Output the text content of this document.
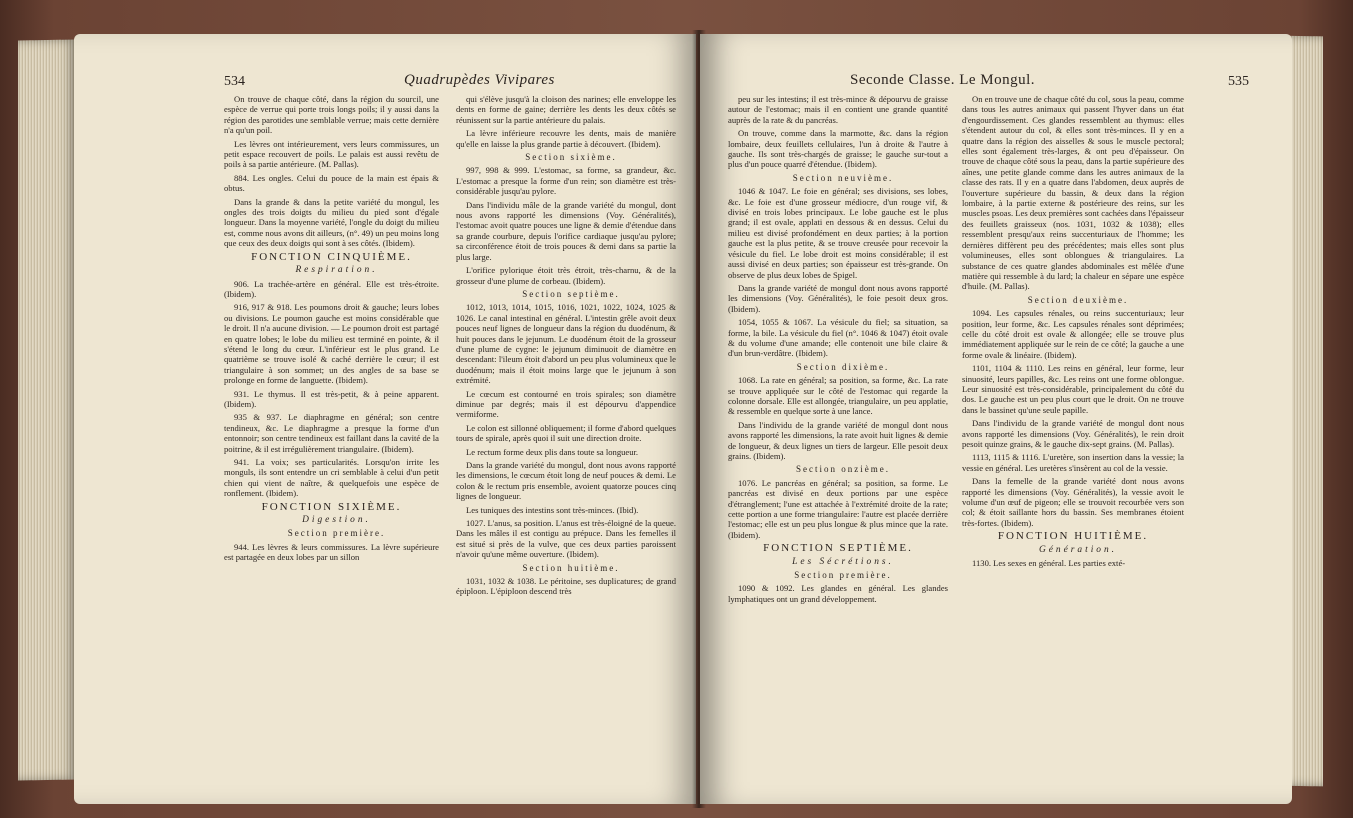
534	Quadrupèdes Vivipares

On trouve de chaque côté, dans la région du sourcil, une espèce de verrue qui porte trois longs poils; il y aussi dans la région des parotides une semblable verrue; mais cette dernière n'a qu'un poil.

Les lèvres ont intérieurement, vers leurs commissures, un petit espace recouvert de poils. Le palais est aussi revêtu de poils à sa partie antérieure. (M. Pallas).

884. Les ongles. Celui du pouce de la main est épais & obtus.

Dans la grande & dans la petite variété du mongul, les ongles des trois doigts du milieu du pied sont d'égale longueur. Dans la moyenne variété, l'ongle du doigt du milieu est, comme nous avons dit ailleurs, (n°. 49) un peu moins long que ceux des deux doigts qui sont à ses côtés. (Ibidem).

FONCTION CINQUIÈME.

Respiration.

906. La trachée-artère en général. Elle est très-étroite. (Ibidem).

916, 917 & 918. Les poumons droit & gauche; leurs lobes ou divisions. Le poumon gauche est moins considérable que le droit. Il n'a aucune division. — Le poumon droit est partagé en quatre lobes; le lobe du milieu est terminé en pointe, & il s'étend le long du cœur. L'inférieur est le plus grand. Le quatrième se trouve isolé & caché derrière le cœur; il est triangulaire à son sommet; un des angles de sa base se prolonge en forme de languette. (Ibidem).

931. Le thymus. Il est très-petit, & à peine apparent. (Ibidem).

935 & 937. Le diaphragme en général; son centre tendineux, &c. Le diaphragme a presque la forme d'un entonnoir; son centre tendineux est faillant dans la cavité de la poitrine, & il est irrégulièrement triangulaire. (Ibidem).

941. La voix; ses particularités. Lorsqu'on irrite les monguls, ils sont entendre un cri semblable à celui d'un petit chien qui vient de naître, & quelquefois une espèce de ronflement. (Ibidem).

FONCTION SIXIÈME.

Digestion.

Section première.

944. Les lèvres & leurs commissures. La lèvre supérieure est partagée en deux lobes par un sillon

qui s'élève jusqu'à la cloison des narines; elle enveloppe les dents en forme de gaine; derrière les dents les deux côtés se réunissent sur la partie antérieure du palais.

La lèvre inférieure recouvre les dents, mais de manière qu'elle en laisse la plus grande partie à découvert. (Ibidem).

Section sixième.

997, 998 & 999. L'estomac, sa forme, sa grandeur, &c. L'estomac a presque la forme d'un rein; son diamètre est très-considérable jusqu'au pylore.

Dans l'individu mâle de la grande variété du mongul, dont nous avons rapporté les dimensions (Voy. Généralités), l'estomac avoit quatre pouces une ligne & demie d'étendue dans sa grande courbure, depuis l'orifice cardiaque jusqu'au pylore; sa circonférence étoit de trois pouces & demi dans sa partie la plus large.

L'orifice pylorique étoit très étroit, très-charnu, & de la grosseur d'une plume de corbeau. (Ibidem).

Section septième.

1012, 1013, 1014, 1015, 1016, 1021, 1022, 1024, 1025 & 1026. Le canal intestinal en général. L'intestin grêle avoit deux pouces neuf lignes de longueur dans la région du duodénum, & huit pouces dans le jejunum. Le duodénum étoit de la grosseur d'une plume de cygne: le jejunum diminuoit de diamètre en descendant: l'ileum étoit d'abord un peu plus volumineux que le duodénum; mais il étoit moins large que le jejunum à son extrémité.

Le cœcum est contourné en trois spirales; son diamètre diminue par degrés; mais il est dépourvu d'appendice vermiforme.

Le colon est sillonné obliquement; il forme d'abord quelques tours de spirale, après quoi il suit une direction droite.

Le rectum forme deux plis dans toute sa longueur.

Dans la grande variété du mongul, dont nous avons rapporté les dimensions, le cœcum étoit long de neuf pouces & demi. Le colon & le rectum pris ensemble, avoient quatorze pouces cinq lignes de longueur.

Les tuniques des intestins sont très-minces. (Ibid).

1027. L'anus, sa position. L'anus est très-éloigné de la queue. Dans les mâles il est contigu au prépuce. Dans les femelles il est situé si près de la vulve, que ces deux parties paroissent n'avoir qu'une même ouverture. (Ibidem).

Section huitième.

1031, 1032 & 1038. Le péritoine, ses duplicatures; de grand épiploon. L'épiploon descend très

Seconde Classe. Le Mongul.	535

peu sur les intestins; il est très-mince & dépourvu de graisse autour de l'estomac; mais il en contient une grande quantité auprès de la rate & du pancréas.

On trouve, comme dans la marmotte, &c. dans la région lombaire, deux feuillets cellulaires, l'un à droite & l'autre à gauche. Ils sont très-chargés de graisse; le gauche sur-tout a plus d'un pouce quarré d'étendue. (Ibidem).

Section neuvième.

1046 & 1047. Le foie en général; ses divisions, ses lobes, &c. Le foie est d'une grosseur médiocre, d'un rouge vif, & divisé en trois lobes principaux. Le lobe gauche est le plus grand; il est ovale, applati en dessous & en dessus. Celui du milieu est divisé profondément en deux parties; à la portion gauche est la plus petite, & se trouve creusée pour recevoir la vésicule du fiel. Le lobe droit est moins considérable; il est aussi divisé en deux parties; son épaisseur est très-grande. On observe de plus deux lobes de Spigel.

Dans la grande variété de mongul dont nous avons rapporté les dimensions (Voy. Généralités), le foie pesoit deux gros. (Ibidem).

1054, 1055 & 1067. La vésicule du fiel; sa situation, sa forme, la bile. La vésicule du fiel (n°. 1046 & 1047) étoit ovale & du volume d'une amande; elle contenoit une bile claire & d'un brun-verdâtre. (Ibidem).

Section dixième.

1068. La rate en général; sa position, sa forme, &c. La rate se trouve appliquée sur le côté de l'estomac qui regarde la colonne dorsale. Elle est allongée, triangulaire, un peu applatie, & ressemble en quelque sorte à une lance.

Dans l'individu de la grande variété de mongul dont nous avons rapporté les dimensions, la rate avoit huit lignes & demie de longueur, & deux lignes un tiers de largeur. Elle pesoit deux grains. (Ibidem).

Section onzième.

1076. Le pancréas en général; sa position, sa forme. Le pancréas est divisé en deux portions par une espèce d'étranglement; l'une est attachée à l'extrémité droite de la rate; cette portion a une forme triangulaire: l'autre est placée derrière l'estomac; elle est un peu plus longue & plus mince que la rate. (Ibidem).

FONCTION SEPTIÈME.

Les Sécrétions.

Section première.

1090 & 1092. Les glandes en général. Les glandes lymphatiques ont un grand développement.

On en trouve une de chaque côté du col, sous la peau, comme dans tous les autres animaux qui passent l'hyver dans un état d'engourdissement. Ces glandes ressemblent au thymus: elles s'étendent autour du col, & elles sont très-minces. Il y en a quatre dans la région des aisselles & sous le muscle pectoral; elles sont également très-larges, & ont peu d'épaisseur. On trouve de chaque côté sous la peau, dans la partie supérieure des aînes, une petite glande comme dans les autres animaux de la classe des rats. Il y en a quatre dans l'abdomen, deux auprès de l'ouverture supérieure du bassin, & deux dans la région lombaire, à la partie externe & postérieure des reins, sur les muscles psoas. Les deux premières sont cachées dans l'épaisseur des feuillets graisseux (nos. 1031, 1032 & 1038); elles ressemblent presqu'aux reins succenturiaux de l'homme; les dernières diffèrent peu des précédentes; mais elles sont plus volumineuses, elles sont oblongues & triangulaires. La substance de ces quatre glandes abdominales est mêlée d'une matière qui ressemble à du lard; la chaleur en sépare une espèce d'huile. (M. Pallas).

Section deuxième.

1094. Les capsules rénales, ou reins succenturiaux; leur position, leur forme, &c. Les capsules rénales sont déprimées; celle du côté droit est ovale & allongée; elle se trouve plus immédiatement appliquée sur le rein de ce côté; la gauche a une forme ovale & linéaire. (Ibidem).

1101, 1104 & 1110. Les reins en général, leur forme, leur sinuosité, leurs papilles, &c. Les reins ont une forme oblongue. Leur sinuosité est très-considérable, principalement du côté du dos. Le gauche est un peu plus court que le droit. On ne trouve dans le bassinet qu'une seule papille.

Dans l'individu de la grande variété de mongul dont nous avons rapporté les dimensions (Voy. Généralités), le rein droit pesoit quinze grains, & le gauche dix-sept grains. (M. Pallas).

1113, 1115 & 1116. L'uretère, son insertion dans la vessie; la vessie en général. Les uretères s'insèrent au col de la vessie.

Dans la femelle de la grande variété dont nous avons rapporté les dimensions (Voy. Généralités), la vessie avoit le volume d'un œuf de pigeon; elle se trouvoit recourbée vers son col; & étoit saillante hors du bassin. Ses membranes étoient très-fortes. (Ibidem).

FONCTION HUITIÈME.

Génération.

1130. Les sexes en général. Les parties exté-
